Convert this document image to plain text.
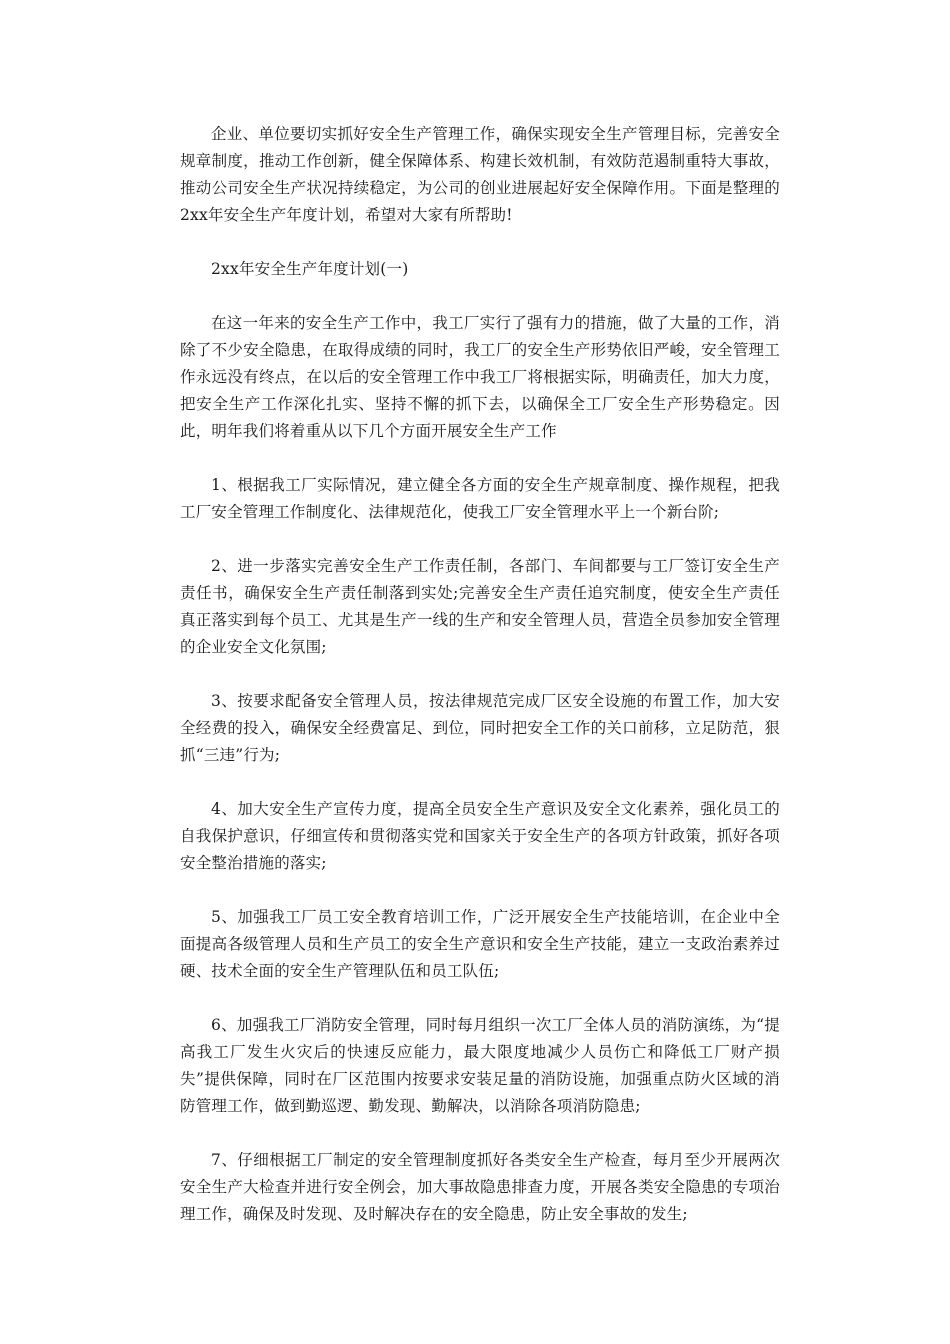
企业、单位要切实抓好安全生产管理工作，确保实现安全生产管理目标，完善安全规章制度，推动工作创新，健全保障体系、构建长效机制，有效防范遏制重特大事故，推动公司安全生产状况持续稳定，为公司的创业进展起好安全保障作用。下面是整理的2xx年安全生产年度计划，希望对大家有所帮助!

2xx年安全生产年度计划(一)

在这一年来的安全生产工作中，我工厂实行了强有力的措施，做了大量的工作，消除了不少安全隐患，在取得成绩的同时，我工厂的安全生产形势依旧严峻，安全管理工作永远没有终点，在以后的安全管理工作中我工厂将根据实际，明确责任，加大力度，把安全生产工作深化扎实、坚持不懈的抓下去，以确保全工厂安全生产形势稳定。因此，明年我们将着重从以下几个方面开展安全生产工作

1、根据我工厂实际情况，建立健全各方面的安全生产规章制度、操作规程，把我工厂安全管理工作制度化、法律规范化，使我工厂安全管理水平上一个新台阶;

2、进一步落实完善安全生产工作责任制，各部门、车间都要与工厂签订安全生产责任书，确保安全生产责任制落到实处;完善安全生产责任追究制度，使安全生产责任真正落实到每个员工、尤其是生产一线的生产和安全管理人员，营造全员参加安全管理的企业安全文化氛围;

3、按要求配备安全管理人员，按法律规范完成厂区安全设施的布置工作，加大安全经费的投入，确保安全经费富足、到位，同时把安全工作的关口前移，立足防范，狠抓“三违”行为;

4、加大安全生产宣传力度，提高全员安全生产意识及安全文化素养，强化员工的自我保护意识，仔细宣传和贯彻落实党和国家关于安全生产的各项方针政策，抓好各项安全整治措施的落实;

5、加强我工厂员工安全教育培训工作，广泛开展安全生产技能培训，在企业中全面提高各级管理人员和生产员工的安全生产意识和安全生产技能，建立一支政治素养过硬、技术全面的安全生产管理队伍和员工队伍;

6、加强我工厂消防安全管理，同时每月组织一次工厂全体人员的消防演练，为“提高我工厂发生火灾后的快速反应能力，最大限度地减少人员伤亡和降低工厂财产损失”提供保障，同时在厂区范围内按要求安装足量的消防设施，加强重点防火区域的消防管理工作，做到勤巡逻、勤发现、勤解决，以消除各项消防隐患;

7、仔细根据工厂制定的安全管理制度抓好各类安全生产检查，每月至少开展两次安全生产大检查并进行安全例会，加大事故隐患排查力度，开展各类安全隐患的专项治理工作，确保及时发现、及时解决存在的安全隐患，防止安全事故的发生;
